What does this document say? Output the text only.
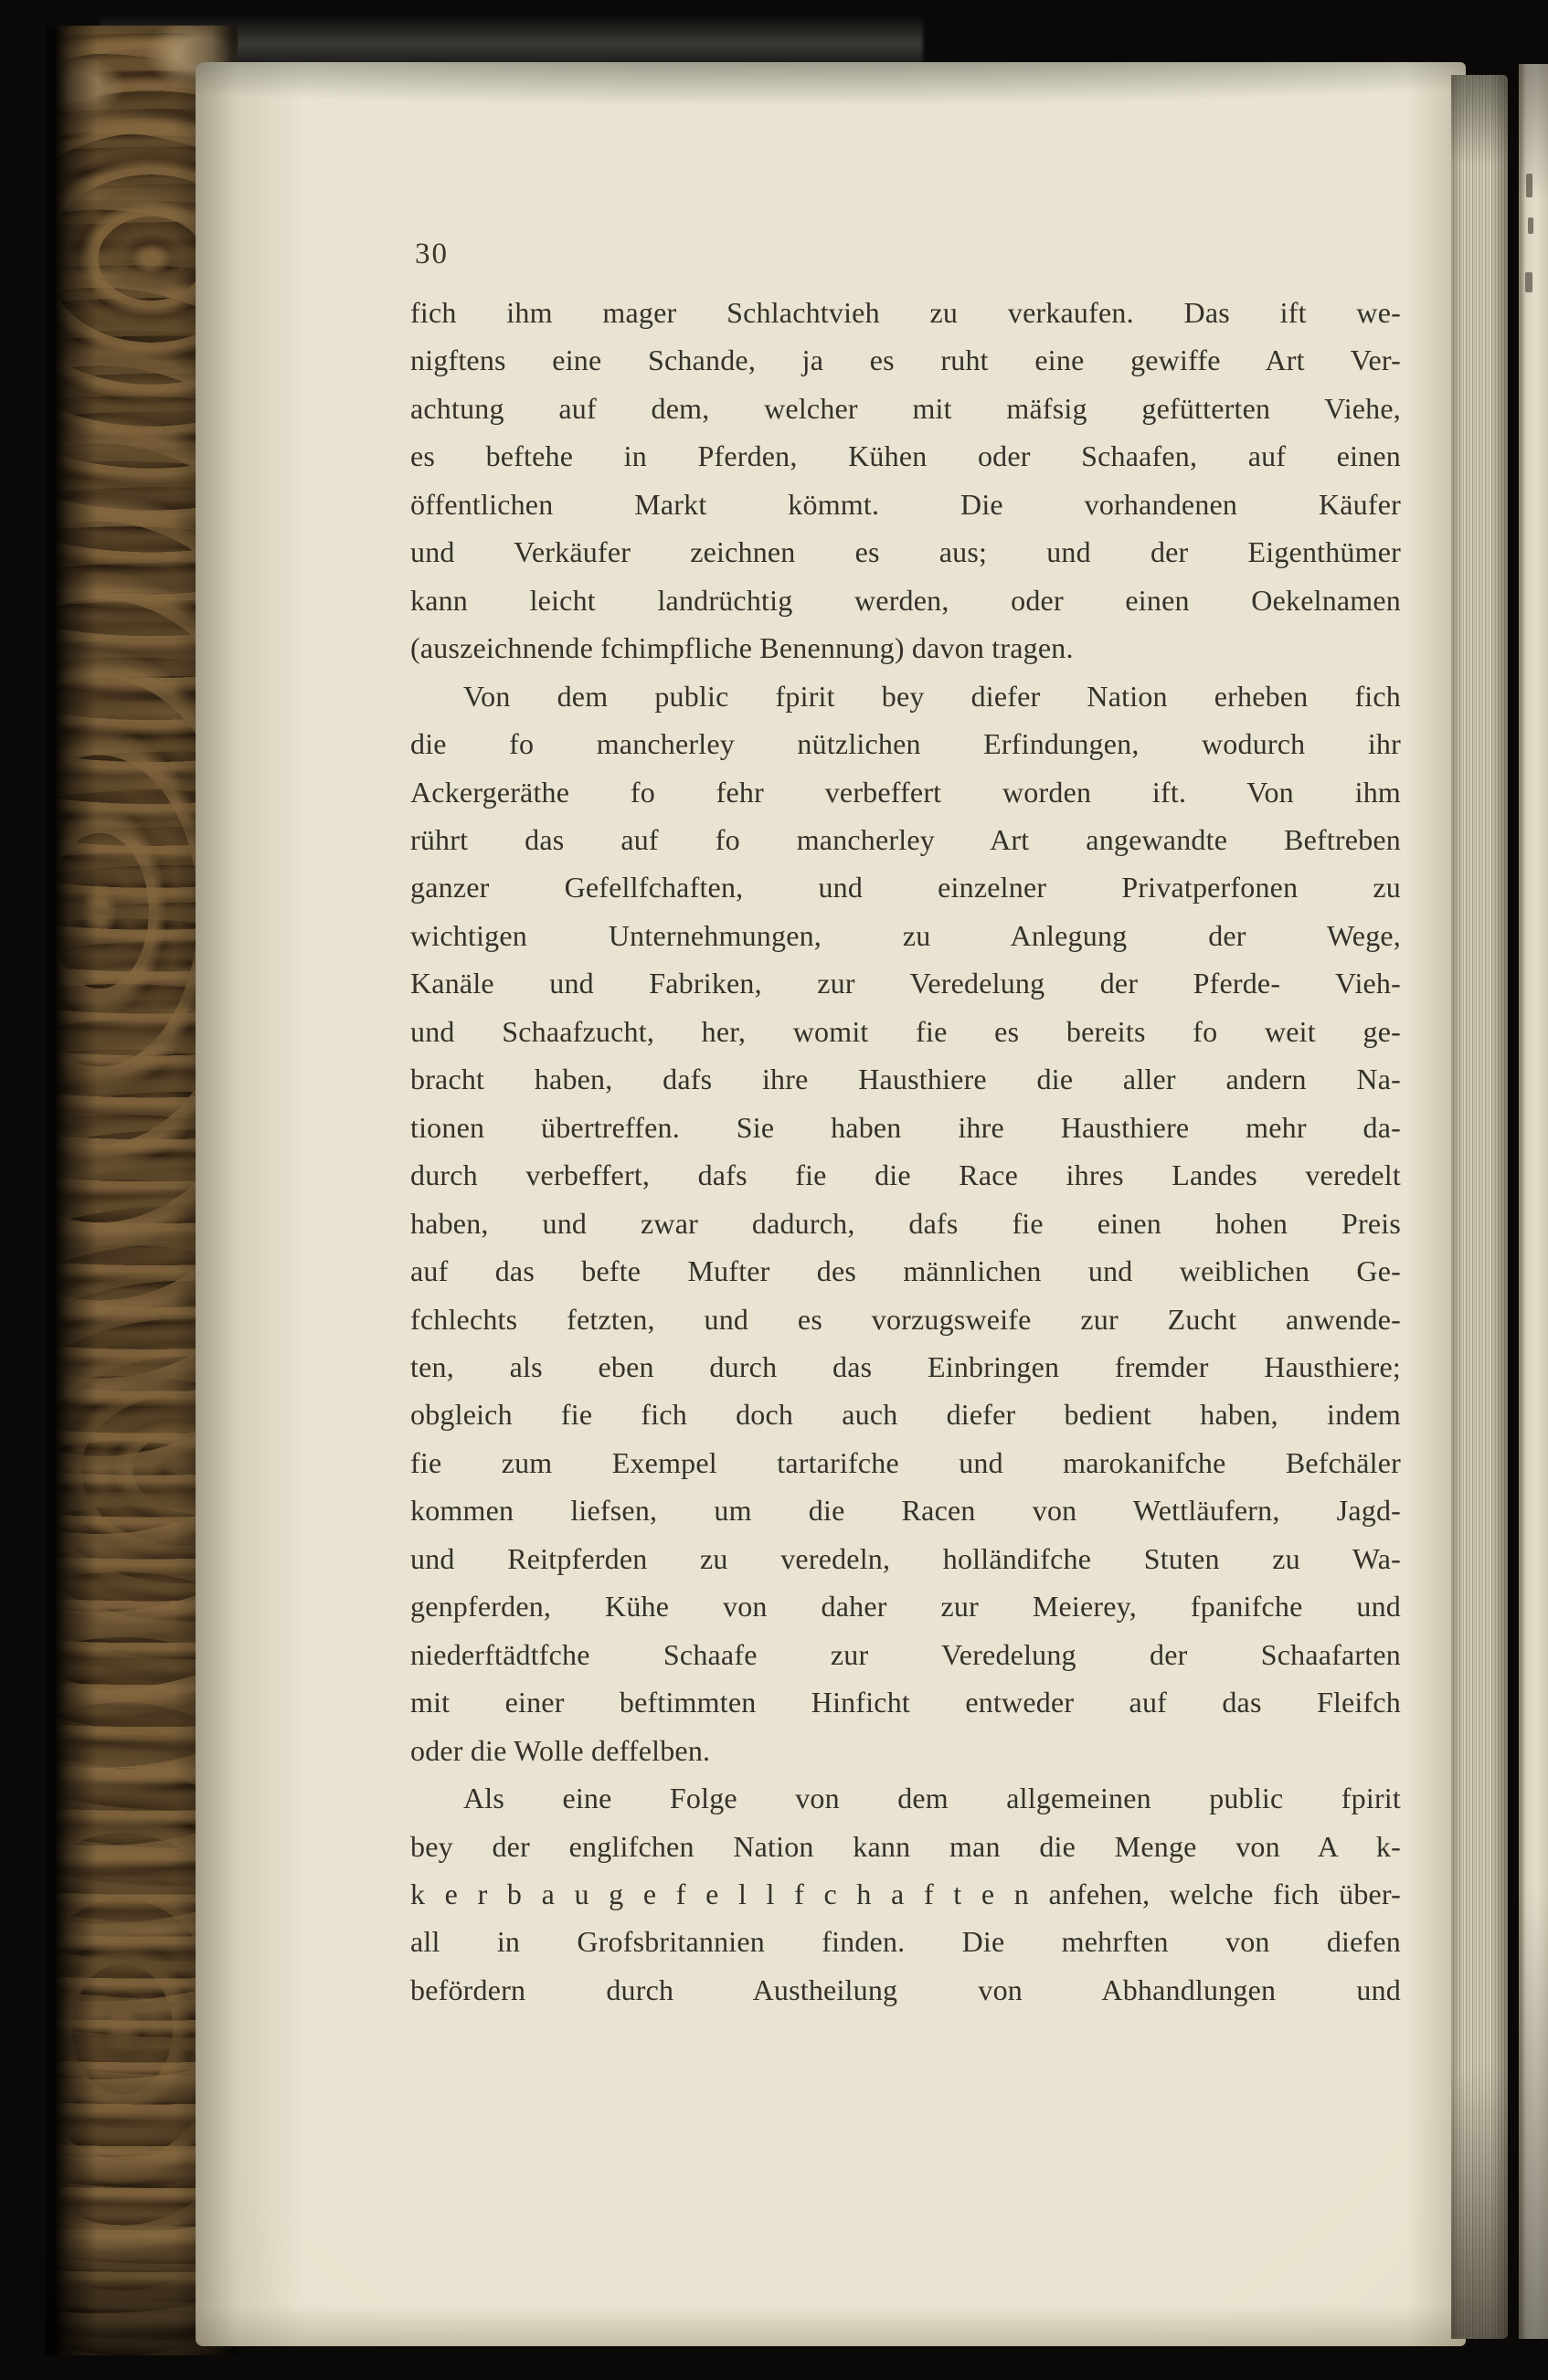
30
fich ihm mager Schlachtvieh zu verkaufen. Das ift we-
nigftens eine Schande, ja es ruht eine gewiffe Art Ver-
achtung auf dem, welcher mit mäfsig gefütterten Viehe,
es beftehe in Pferden, Kühen oder Schaafen, auf einen
öffentlichen Markt kömmt. Die vorhandenen Käufer
und Verkäufer zeichnen es aus; und der Eigenthümer
kann leicht landrüchtig werden, oder einen Oekelnamen
(auszeichnende fchimpfliche Benennung) davon tragen.
Von dem public fpirit bey diefer Nation erheben fich
die fo mancherley nützlichen Erfindungen, wodurch ihr
Ackergeräthe fo fehr verbeffert worden ift. Von ihm
rührt das auf fo mancherley Art angewandte Beftreben
ganzer Gefellfchaften, und einzelner Privatperfonen zu
wichtigen Unternehmungen, zu Anlegung der Wege,
Kanäle und Fabriken, zur Veredelung der Pferde- Vieh-
und Schaafzucht, her, womit fie es bereits fo weit ge-
bracht haben, dafs ihre Hausthiere die aller andern Na-
tionen übertreffen. Sie haben ihre Hausthiere mehr da-
durch verbeffert, dafs fie die Race ihres Landes veredelt
haben, und zwar dadurch, dafs fie einen hohen Preis
auf das befte Mufter des männlichen und weiblichen Ge-
fchlechts fetzten, und es vorzugsweife zur Zucht anwende-
ten, als eben durch das Einbringen fremder Hausthiere;
obgleich fie fich doch auch diefer bedient haben, indem
fie zum Exempel tartarifche und marokanifche Befchäler
kommen liefsen, um die Racen von Wettläufern, Jagd-
und Reitpferden zu veredeln, holländifche Stuten zu Wa-
genpferden, Kühe von daher zur Meierey, fpanifche und
niederftädtfche Schaafe zur Veredelung der Schaafarten
mit einer beftimmten Hinficht entweder auf das Fleifch
oder die Wolle deffelben.
Als eine Folge von dem allgemeinen public fpirit
bey der englifchen Nation kann man die Menge von A k-
k e r b a u g e f e l l f c h a f t e n anfehen, welche fich über-
all in Grofsbritannien finden. Die mehrften von diefen
befördern durch Austheilung von Abhandlungen und
